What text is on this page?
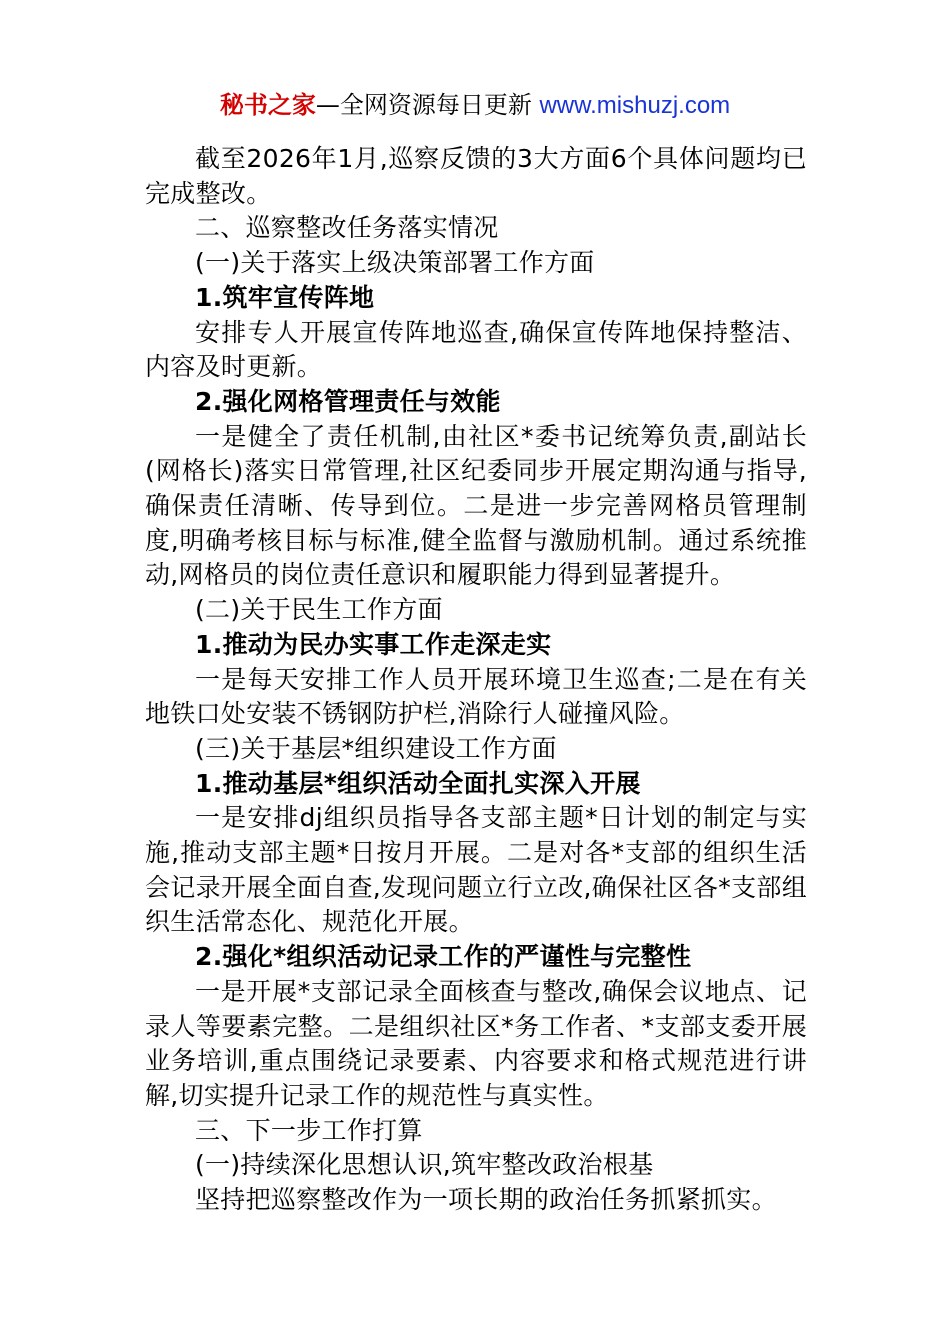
秘书之家—全网资源每日更新 www.mishuzj.com

截至2026年1月,巡察反馈的3大方面6个具体问题均已完成整改。

二、巡察整改任务落实情况

(一)关于落实上级决策部署工作方面

1.筑牢宣传阵地

安排专人开展宣传阵地巡查,确保宣传阵地保持整洁、内容及时更新。

2.强化网格管理责任与效能

一是健全了责任机制,由社区*委书记统筹负责,副站长(网格长)落实日常管理,社区纪委同步开展定期沟通与指导,确保责任清晰、传导到位。二是进一步完善网格员管理制度,明确考核目标与标准,健全监督与激励机制。通过系统推动,网格员的岗位责任意识和履职能力得到显著提升。

(二)关于民生工作方面

1.推动为民办实事工作走深走实

一是每天安排工作人员开展环境卫生巡查;二是在有关地铁口处安装不锈钢防护栏,消除行人碰撞风险。

(三)关于基层*组织建设工作方面

1.推动基层*组织活动全面扎实深入开展

一是安排dj组织员指导各支部主题*日计划的制定与实施,推动支部主题*日按月开展。二是对各*支部的组织生活会记录开展全面自查,发现问题立行立改,确保社区各*支部组织生活常态化、规范化开展。

2.强化*组织活动记录工作的严谨性与完整性

一是开展*支部记录全面核查与整改,确保会议地点、记录人等要素完整。二是组织社区*务工作者、*支部支委开展业务培训,重点围绕记录要素、内容要求和格式规范进行讲解,切实提升记录工作的规范性与真实性。

三、下一步工作打算

(一)持续深化思想认识,筑牢整改政治根基

坚持把巡察整改作为一项长期的政治任务抓紧抓实。
